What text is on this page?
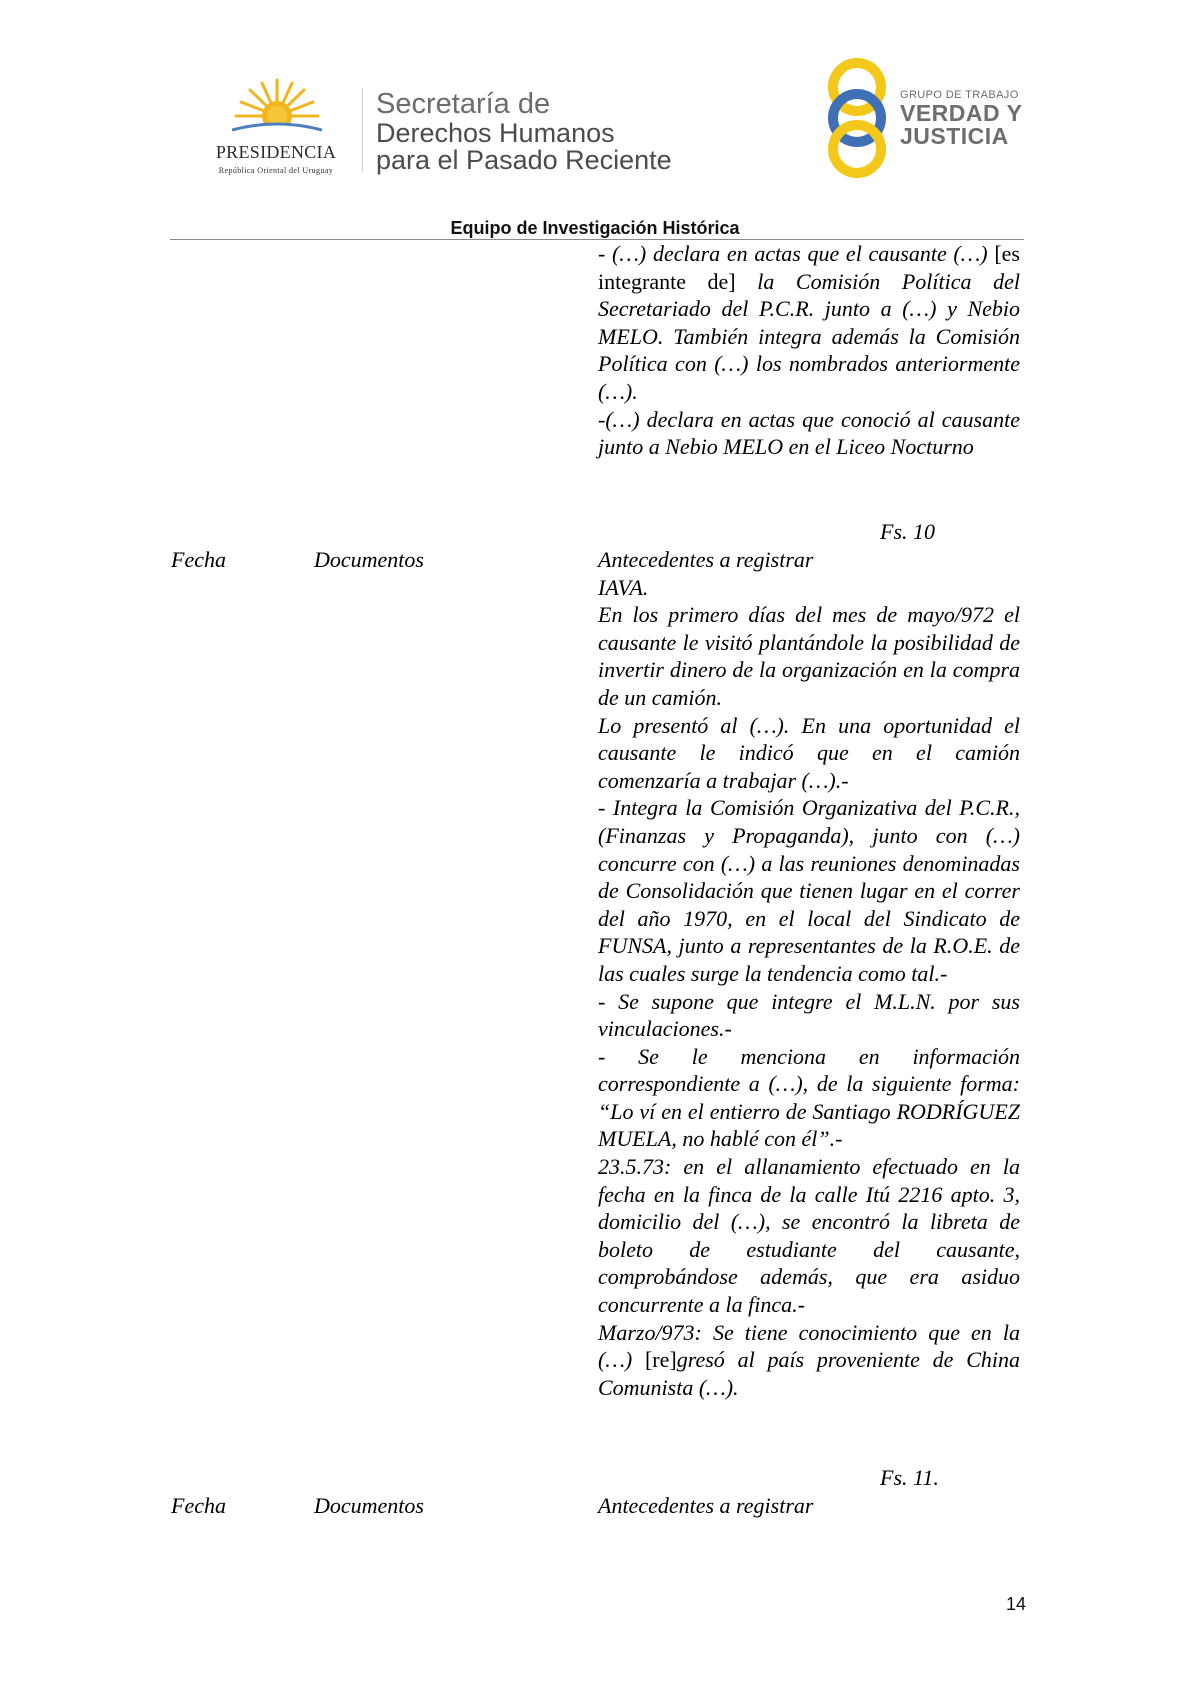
PRESIDENCIA
República Oriental del Uruguay
Secretaría de
Derechos Humanos
para el Pasado Reciente
GRUPO DE TRABAJO
VERDAD Y
JUSTICIA
Equipo de Investigación Histórica

- (…) declara en actas que el causante (…) [es integrante de] la Comisión Política del Secretariado del P.C.R. junto a (…) y Nebio MELO. También integra además la Comisión Política con (…) los nombrados anteriormente (…).

-(…) declara en actas que conoció al causante junto a Nebio MELO en el Liceo Nocturno

Fs. 10
Fecha	Documentos	Antecedentes a registrar

IAVA.

En los primero días del mes de mayo/972 el causante le visitó plantándole la posibilidad de invertir dinero de la organización en la compra de un camión.

Lo presentó al (…). En una oportunidad el causante le indicó que en el camión comenzaría a trabajar (…).-

- Integra la Comisión Organizativa del P.C.R., (Finanzas y Propaganda), junto con (…) concurre con (…) a las reuniones denominadas de Consolidación que tienen lugar en el correr del año 1970, en el local del Sindicato de FUNSA, junto a representantes de la R.O.E. de las cuales surge la tendencia como tal.-

- Se supone que integre el M.L.N. por sus vinculaciones.-

- Se le menciona en información correspondiente a (…), de la siguiente forma: “Lo ví en el entierro de Santiago RODRÍGUEZ MUELA, no hablé con él”.-

23.5.73: en el allanamiento efectuado en la fecha en la finca de la calle Itú 2216 apto. 3, domicilio del (…), se encontró la libreta de boleto de estudiante del causante, comprobándose además, que era asiduo concurrente a la finca.-

Marzo/973: Se tiene conocimiento que en la (…) [re]gresó al país proveniente de China Comunista (…).

Fs. 11.
Fecha	Documentos	Antecedentes a registrar
14
